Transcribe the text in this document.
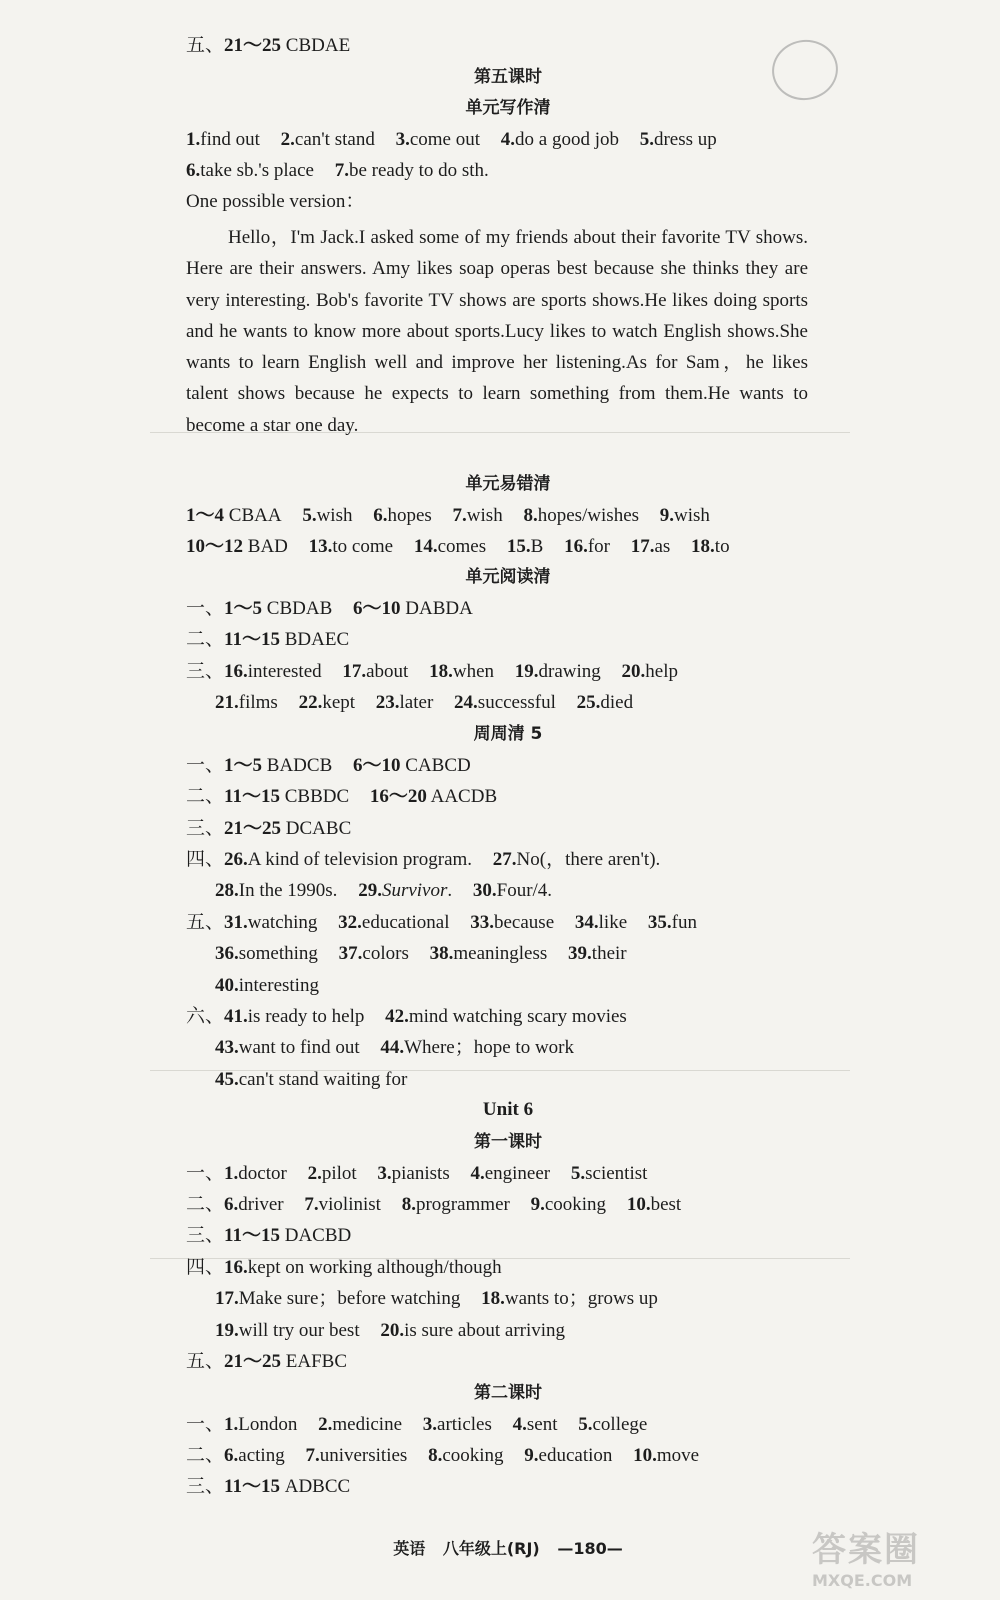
五、21～25 CBDAE
第五课时
单元写作清
1.find out 2.can't stand 3.come out 4.do a good job 5.dress up
6.take sb.'s place 7.be ready to do sth.
One possible version：
Hello，I'm Jack.I asked some of my friends about their favorite TV shows. Here are their answers. Amy likes soap operas best because she thinks they are very interesting. Bob's favorite TV shows are sports shows.He likes doing sports and he wants to know more about sports.Lucy likes to watch English shows.She wants to learn English well and improve her listening.As for Sam，he likes talent shows because he expects to learn something from them.He wants to become a star one day.
单元易错清
1～4 CBAA 5.wish 6.hopes 7.wish 8.hopes/wishes 9.wish
10～12 BAD 13.to come 14.comes 15.B 16.for 17.as 18.to
单元阅读清
一、1～5 CBDAB 6～10 DABDA
二、11～15 BDAEC
三、16.interested 17.about 18.when 19.drawing 20.help
21.films 22.kept 23.later 24.successful 25.died
周周清 5
一、1～5 BADCB 6～10 CABCD
二、11～15 CBBDC 16～20 AACDB
三、21～25 DCABC
四、26.A kind of television program. 27.No(，there aren't).
28.In the 1990s. 29.Survivor. 30.Four/4.
五、31.watching 32.educational 33.because 34.like 35.fun
36.something 37.colors 38.meaningless 39.their
40.interesting
六、41.is ready to help 42.mind watching scary movies
43.want to find out 44.Where；hope to work
45.can't stand waiting for
Unit 6
第一课时
一、1.doctor 2.pilot 3.pianists 4.engineer 5.scientist
二、6.driver 7.violinist 8.programmer 9.cooking 10.best
三、11～15 DACBD
四、16.kept on working although/though
17.Make sure；before watching 18.wants to；grows up
19.will try our best 20.is sure about arriving
五、21～25 EAFBC
第二课时
一、1.London 2.medicine 3.articles 4.sent 5.college
二、6.acting 7.universities 8.cooking 9.education 10.move
三、11～15 ADBCC
英语 八年级上(RJ) —180—	答案圈
MXQE.COM
